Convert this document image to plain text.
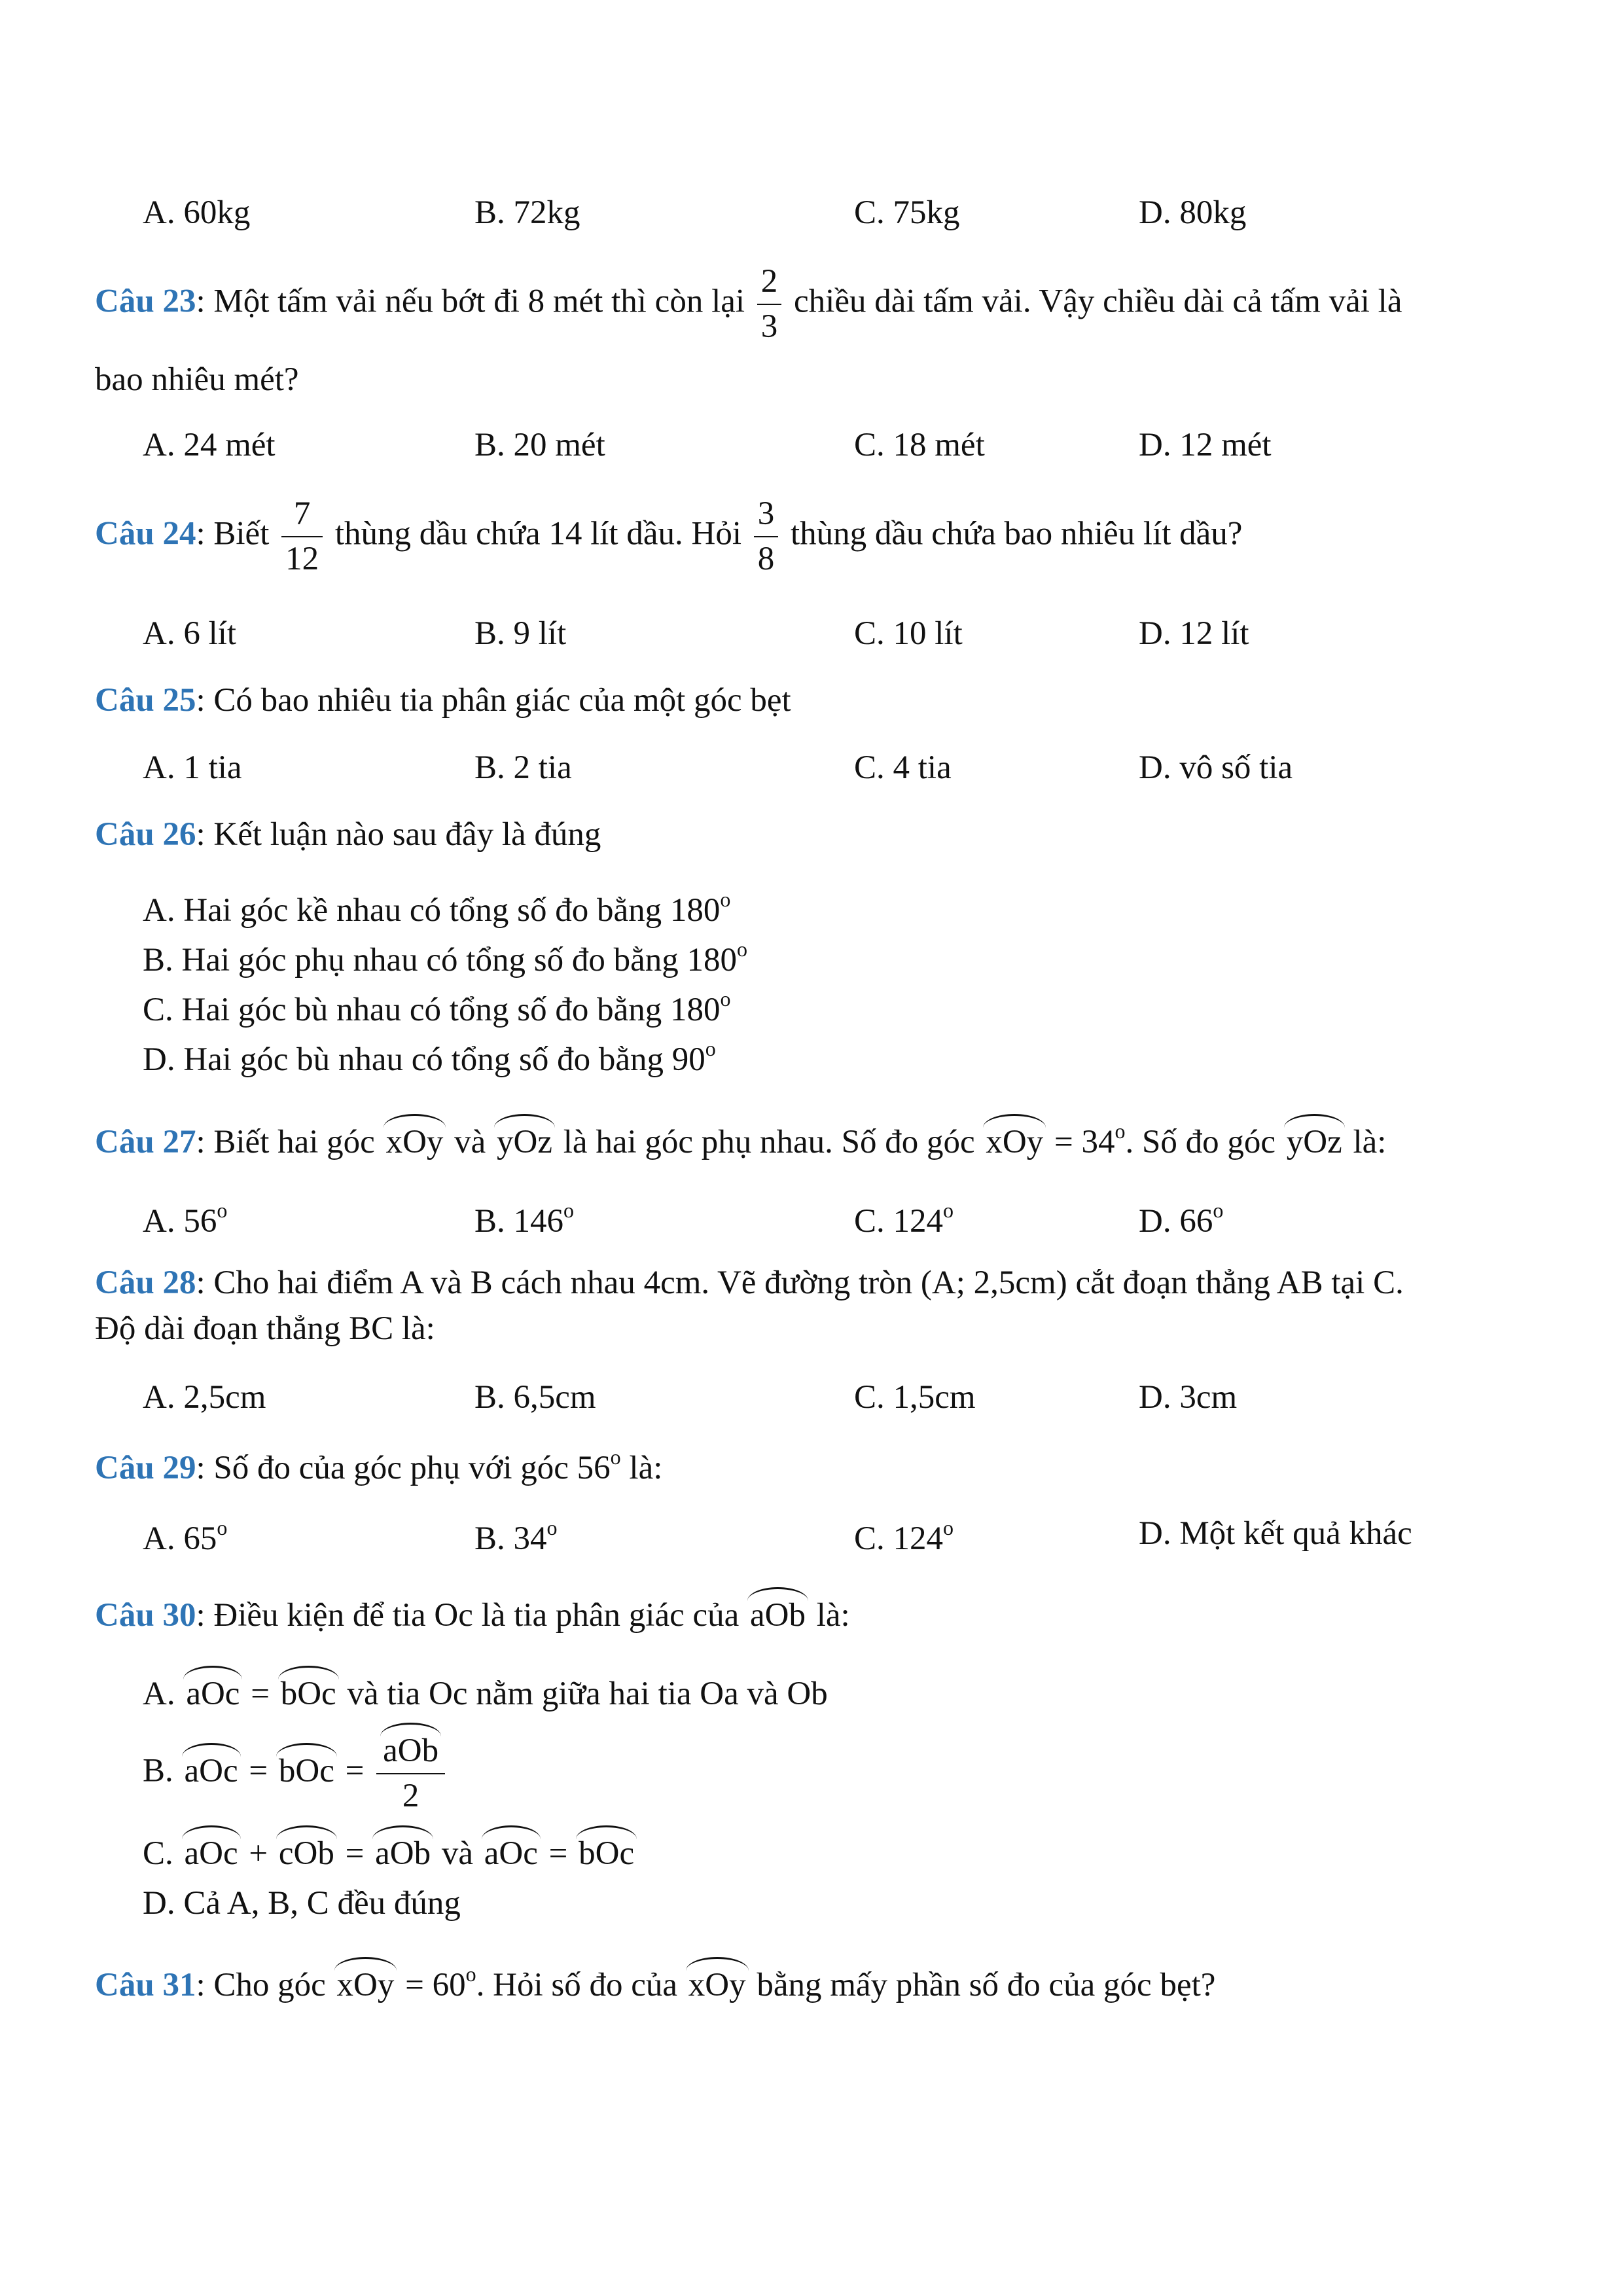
A. 60kg	B. 72kg	C. 75kg	D. 80kg
Câu 23: Một tấm vải nếu bớt đi 8 mét thì còn lại $\frac{2}{3}$ chiều dài tấm vải. Vậy chiều dài cả tấm vải là
bao nhiêu mét?
A. 24 mét	B. 20 mét	C. 18 mét	D. 12 mét
Câu 24: Biết $\frac{7}{12}$ thùng dầu chứa 14 lít dầu. Hỏi $\frac{3}{8}$ thùng dầu chứa bao nhiêu lít dầu?
A. 6 lít	B. 9 lít	C. 10 lít	D. 12 lít
Câu 25: Có bao nhiêu tia phân giác của một góc bẹt
A. 1 tia	B. 2 tia	C. 4 tia	D. vô số tia
Câu 26: Kết luận nào sau đây là đúng
A. Hai góc kề nhau có tổng số đo bằng 180$^o$
B. Hai góc phụ nhau có tổng số đo bằng 180$^o$
C. Hai góc bù nhau có tổng số đo bằng 180$^o$
D. Hai góc bù nhau có tổng số đo bằng 90$^o$
Câu 27: Biết hai góc xOy và yOz là hai góc phụ nhau. Số đo góc xOy = $34^o$. Số đo góc yOz là:
A. 56$^o$	B. 146$^o$	C. 124$^o$	D. 66$^o$
Câu 28: Cho hai điểm A và B cách nhau 4cm. Vẽ đường tròn (A; 2,5cm) cắt đoạn thẳng AB tại C.
Độ dài đoạn thẳng BC là:
A. 2,5cm	B. 6,5cm	C. 1,5cm	D. 3cm
Câu 29: Số đo của góc phụ với góc 56$^o$ là:
A. 65$^o$	B. 34$^o$	C. 124$^o$	D. Một kết quả khác
Câu 30: Điều kiện để tia Oc là tia phân giác của aOb là:
A. aOc = bOc và tia Oc nằm giữa hai tia Oa và Ob
B. aOc = bOc = $\frac{\text{aOb}}{2}$
C. aOc + cOb = aOb và aOc = bOc
D. Cả A, B, C đều đúng
Câu 31: Cho góc xOy = $60^o$. Hỏi số đo của xOy bằng mấy phần số đo của góc bẹt?
